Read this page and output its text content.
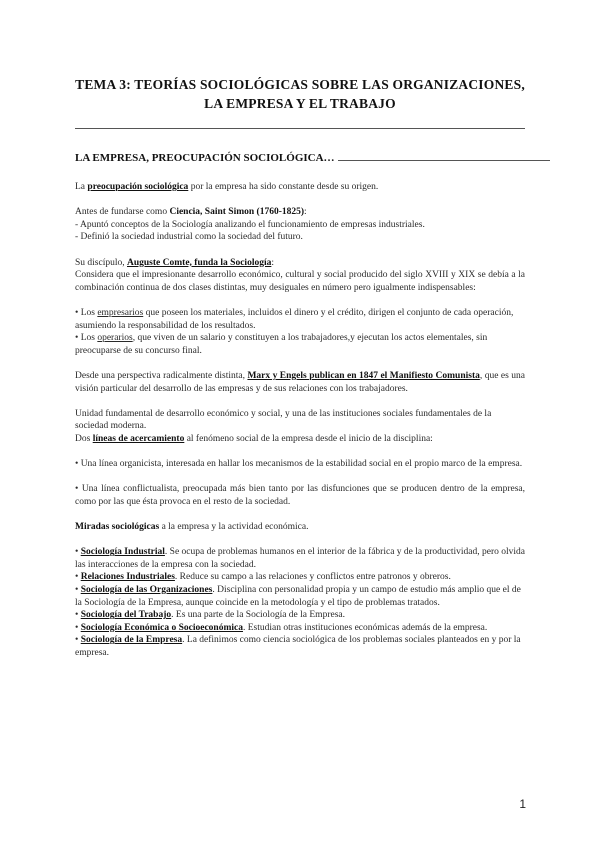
TEMA 3: TEORÍAS SOCIOLÓGICAS SOBRE LAS ORGANIZACIONES,
LA EMPRESA Y EL TRABAJO
LA EMPRESA, PREOCUPACIÓN SOCIOLÓGICA…

La preocupación sociológica por la empresa ha sido constante desde su origen.

Antes de fundarse como Ciencia, Saint Simon (1760-1825):

- Apuntó conceptos de la Sociología analizando el funcionamiento de empresas industriales.

- Definió la sociedad industrial como la sociedad del futuro.

Su discípulo, Auguste Comte, funda la Sociología:

Considera que el impresionante desarrollo económico, cultural y social producido del siglo XVIII y XIX se debía a la combinación continua de dos clases distintas, muy desiguales en número pero igualmente indispensables:

• Los empresarios que poseen los materiales, incluidos el dinero y el crédito, dirigen el conjunto de cada operación, asumiendo la responsabilidad de los resultados.

• Los operarios, que viven de un salario y constituyen a los trabajadores,y ejecutan los actos elementales, sin preocuparse de su concurso final.

Desde una perspectiva radicalmente distinta, Marx y Engels publican en 1847 el Manifiesto Comunista, que es una visión particular del desarrollo de las empresas y de sus relaciones con los trabajadores.

Unidad fundamental de desarrollo económico y social, y una de las instituciones sociales fundamentales de la sociedad moderna.

Dos líneas de acercamiento al fenómeno social de la empresa desde el inicio de la disciplina:

• Una línea organicista, interesada en hallar los mecanismos de la estabilidad social en el propio marco de la empresa.

• Una línea conflictualista, preocupada más bien tanto por las disfunciones que se producen dentro de la empresa, como por las que ésta provoca en el resto de la sociedad.

Miradas sociológicas a la empresa y la actividad económica.

• Sociología Industrial. Se ocupa de problemas humanos en el interior de la fábrica y de la productividad, pero olvida las interacciones de la empresa con la sociedad.

• Relaciones Industriales. Reduce su campo a las relaciones y conflictos entre patronos y obreros.

• Sociología de las Organizaciones. Disciplina con personalidad propia y un campo de estudio más amplio que el de la Sociología de la Empresa, aunque coincide en la metodología y el tipo de problemas tratados.

• Sociología del Trabajo. Es una parte de la Sociología de la Empresa.

• Sociología Económica o Socioeconómica. Estudian otras instituciones económicas además de la empresa.

• Sociología de la Empresa. La definimos como ciencia sociológica de los problemas sociales planteados en y por la empresa.

1
